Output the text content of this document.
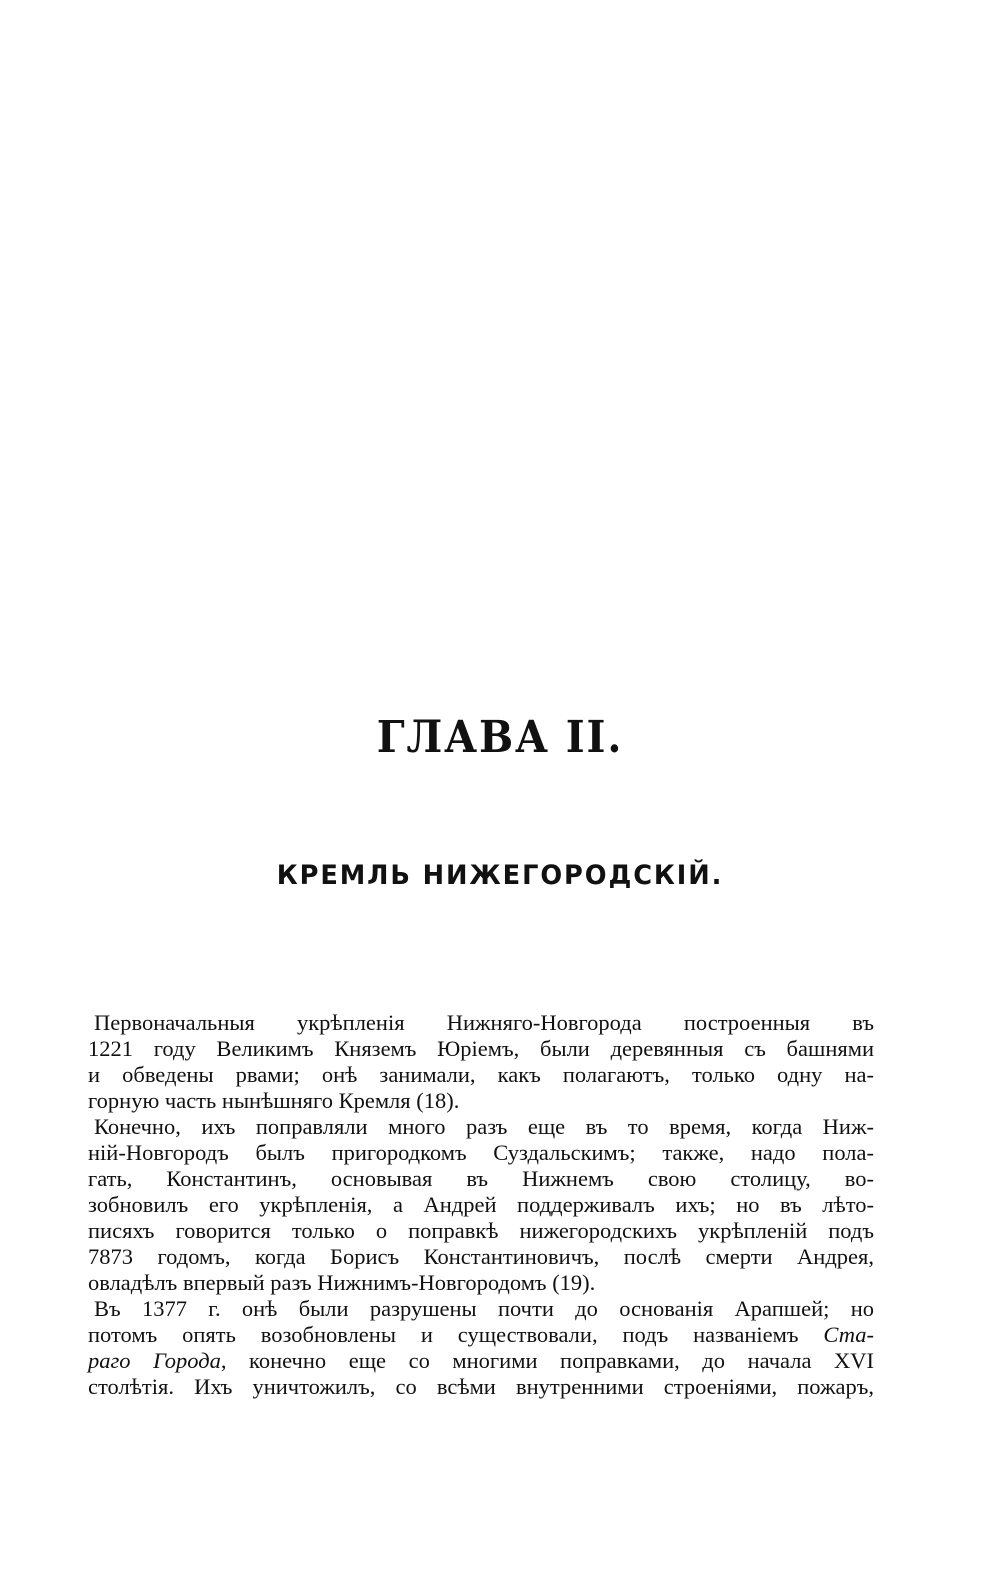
ГЛАВА II.
КРЕМЛЬ НИЖЕГОРОДСКІЙ.
Первоначальныя укрѣпленія Нижняго-Новгорода построенныя въ
1221 году Великимъ Княземъ Юріемъ, были деревянныя съ башнями
и обведены рвами; онѣ занимали, какъ полагаютъ, только одну на-
горную часть нынѣшняго Кремля (18).
Конечно, ихъ поправляли много разъ еще въ то время, когда Ниж-
ній-Новгородъ былъ пригородкомъ Суздальскимъ; также, надо пола-
гать, Константинъ, основывая въ Нижнемъ свою столицу, во-
зобновилъ его укрѣпленія, а Андрей поддерживалъ ихъ; но въ лѣто-
писяхъ говорится только о поправкѣ нижегородскихъ укрѣпленій подъ
7873 годомъ, когда Борисъ Константиновичъ, послѣ смерти Андрея,
овладѣлъ впервый разъ Нижнимъ-Новгородомъ (19).
Въ 1377 г. онѣ были разрушены почти до основанія Арапшей; но
потомъ опять возобновлены и существовали, подъ названіемъ Ста-
раго Города, конечно еще со многими поправками, до начала XVI
столѣтія. Ихъ уничтожилъ, со всѣми внутренними строеніями, пожаръ,
